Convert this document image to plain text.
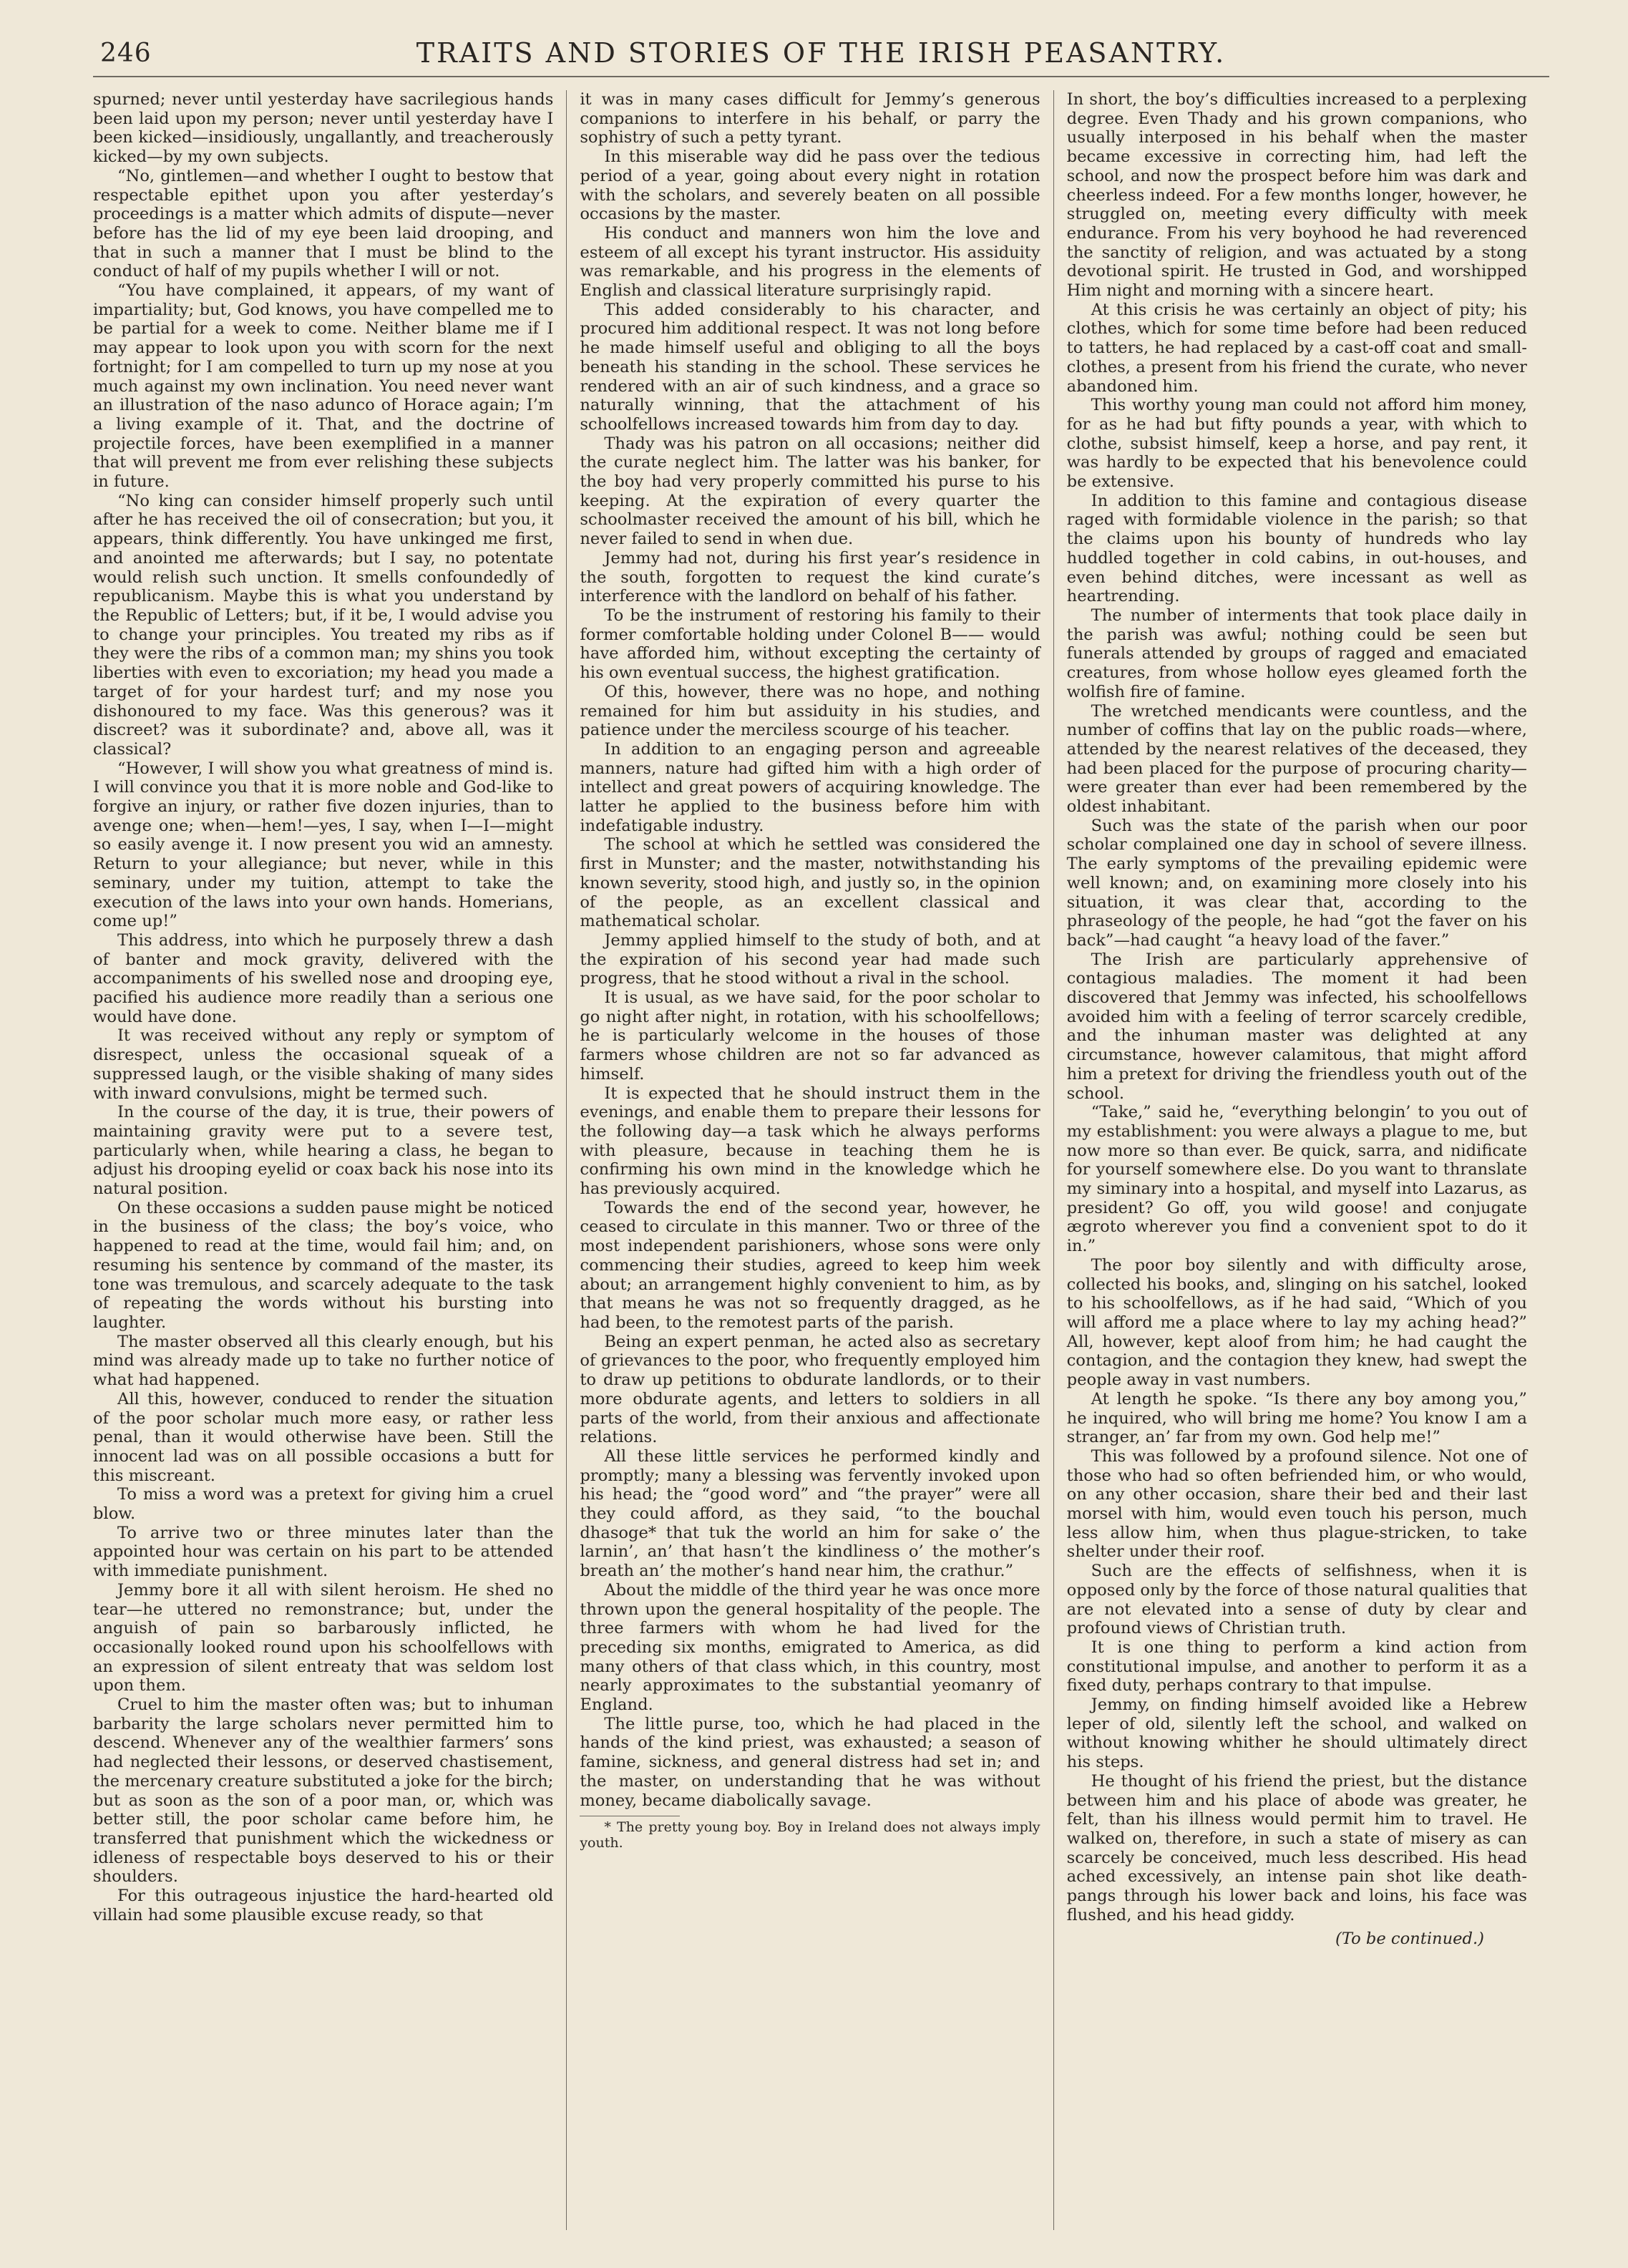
246	TRAITS AND STORIES OF THE IRISH PEASANTRY.

spurned; never until yesterday have sacrilegious hands been laid upon my person; never until yesterday have I been kicked—insidiously, ungallantly, and treacherously kicked—by my own subjects.

“No, gintlemen—and whether I ought to bestow that respectable epithet upon you after yesterday’s proceedings is a matter which admits of dispute—never before has the lid of my eye been laid drooping, and that in such a manner that I must be blind to the conduct of half of my pupils whether I will or not.

“You have complained, it appears, of my want of impartiality; but, God knows, you have compelled me to be partial for a week to come. Neither blame me if I may appear to look upon you with scorn for the next fortnight; for I am compelled to turn up my nose at you much against my own inclination. You need never want an illustration of the naso adunco of Horace again; I’m a living example of it. That, and the doctrine of projectile forces, have been exemplified in a manner that will prevent me from ever relishing these subjects in future.

“No king can consider himself properly such until after he has received the oil of consecration; but you, it appears, think differently. You have unkinged me first, and anointed me afterwards; but I say, no potentate would relish such unction. It smells confoundedly of republicanism. Maybe this is what you understand by the Republic of Letters; but, if it be, I would advise you to change your principles. You treated my ribs as if they were the ribs of a common man; my shins you took liberties with even to excoriation; my head you made a target of for your hardest turf; and my nose you dishonoured to my face. Was this generous? was it discreet? was it subordinate? and, above all, was it classical?

“However, I will show you what greatness of mind is. I will convince you that it is more noble and God-like to forgive an injury, or rather five dozen injuries, than to avenge one; when—hem!—yes, I say, when I—I—might so easily avenge it. I now present you wid an amnesty. Return to your allegiance; but never, while in this seminary, under my tuition, attempt to take the execution of the laws into your own hands. Homerians, come up!”

This address, into which he purposely threw a dash of banter and mock gravity, delivered with the accompaniments of his swelled nose and drooping eye, pacified his audience more readily than a serious one would have done.

It was received without any reply or symptom of disrespect, unless the occasional squeak of a suppressed laugh, or the visible shaking of many sides with inward convulsions, might be termed such.

In the course of the day, it is true, their powers of maintaining gravity were put to a severe test, particularly when, while hearing a class, he began to adjust his drooping eyelid or coax back his nose into its natural position.

On these occasions a sudden pause might be noticed in the business of the class; the boy’s voice, who happened to read at the time, would fail him; and, on resuming his sentence by command of the master, its tone was tremulous, and scarcely adequate to the task of repeating the words without his bursting into laughter.

The master observed all this clearly enough, but his mind was already made up to take no further notice of what had happened.

All this, however, conduced to render the situation of the poor scholar much more easy, or rather less penal, than it would otherwise have been. Still the innocent lad was on all possible occasions a butt for this miscreant.

To miss a word was a pretext for giving him a cruel blow.

To arrive two or three minutes later than the appointed hour was certain on his part to be attended with immediate punishment.

Jemmy bore it all with silent heroism. He shed no tear—he uttered no remonstrance; but, under the anguish of pain so barbarously inflicted, he occasionally looked round upon his schoolfellows with an expression of silent entreaty that was seldom lost upon them.

Cruel to him the master often was; but to inhuman barbarity the large scholars never permitted him to descend. Whenever any of the wealthier farmers’ sons had neglected their lessons, or deserved chastisement, the mercenary creature substituted a joke for the birch; but as soon as the son of a poor man, or, which was better still, the poor scholar came before him, he transferred that punishment which the wickedness or idleness of respectable boys deserved to his or their shoulders.

For this outrageous injustice the hard-hearted old villain had some plausible excuse ready, so that

it was in many cases difficult for Jemmy’s generous companions to interfere in his behalf, or parry the sophistry of such a petty tyrant.

In this miserable way did he pass over the tedious period of a year, going about every night in rotation with the scholars, and severely beaten on all possible occasions by the master.

His conduct and manners won him the love and esteem of all except his tyrant instructor. His assiduity was remarkable, and his progress in the elements of English and classical literature surprisingly rapid.

This added considerably to his character, and procured him additional respect. It was not long before he made himself useful and obliging to all the boys beneath his standing in the school. These services he rendered with an air of such kindness, and a grace so naturally winning, that the attachment of his schoolfellows increased towards him from day to day.

Thady was his patron on all occasions; neither did the curate neglect him. The latter was his banker, for the boy had very properly committed his purse to his keeping. At the expiration of every quarter the schoolmaster received the amount of his bill, which he never failed to send in when due.

Jemmy had not, during his first year’s residence in the south, forgotten to request the kind curate’s interference with the landlord on behalf of his father.

To be the instrument of restoring his family to their former comfortable holding under Colonel B—— would have afforded him, without excepting the certainty of his own eventual success, the highest gratification.

Of this, however, there was no hope, and nothing remained for him but assiduity in his studies, and patience under the merciless scourge of his teacher.

In addition to an engaging person and agreeable manners, nature had gifted him with a high order of intellect and great powers of acquiring knowledge. The latter he applied to the business before him with indefatigable industry.

The school at which he settled was considered the first in Munster; and the master, notwithstanding his known severity, stood high, and justly so, in the opinion of the people, as an excellent classical and mathematical scholar.

Jemmy applied himself to the study of both, and at the expiration of his second year had made such progress, that he stood without a rival in the school.

It is usual, as we have said, for the poor scholar to go night after night, in rotation, with his schoolfellows; he is particularly welcome in the houses of those farmers whose children are not so far advanced as himself.

It is expected that he should instruct them in the evenings, and enable them to prepare their lessons for the following day—a task which he always performs with pleasure, because in teaching them he is confirming his own mind in the knowledge which he has previously acquired.

Towards the end of the second year, however, he ceased to circulate in this manner. Two or three of the most independent parishioners, whose sons were only commencing their studies, agreed to keep him week about; an arrangement highly convenient to him, as by that means he was not so frequently dragged, as he had been, to the remotest parts of the parish.

Being an expert penman, he acted also as secretary of grievances to the poor, who frequently employed him to draw up petitions to obdurate landlords, or to their more obdurate agents, and letters to soldiers in all parts of the world, from their anxious and affectionate relations.

All these little services he performed kindly and promptly; many a blessing was fervently invoked upon his head; the “good word” and “the prayer” were all they could afford, as they said, “to the bouchal dhasoge* that tuk the world an him for sake o’ the larnin’, an’ that hasn’t the kindliness o’ the mother’s breath an’ the mother’s hand near him, the crathur.”

About the middle of the third year he was once more thrown upon the general hospitality of the people. The three farmers with whom he had lived for the preceding six months, emigrated to America, as did many others of that class which, in this country, most nearly approximates to the substantial yeomanry of England.

The little purse, too, which he had placed in the hands of the kind priest, was exhausted; a season of famine, sickness, and general distress had set in; and the master, on understanding that he was without money, became diabolically savage.

* The pretty young boy. Boy in Ireland does not always imply youth.

In short, the boy’s difficulties increased to a perplexing degree. Even Thady and his grown companions, who usually interposed in his behalf when the master became excessive in correcting him, had left the school, and now the prospect before him was dark and cheerless indeed. For a few months longer, however, he struggled on, meeting every difficulty with meek endurance. From his very boyhood he had reverenced the sanctity of religion, and was actuated by a stong devotional spirit. He trusted in God, and worshipped Him night and morning with a sincere heart.

At this crisis he was certainly an object of pity; his clothes, which for some time before had been reduced to tatters, he had replaced by a cast-off coat and small-clothes, a present from his friend the curate, who never abandoned him.

This worthy young man could not afford him money, for as he had but fifty pounds a year, with which to clothe, subsist himself, keep a horse, and pay rent, it was hardly to be expected that his benevolence could be extensive.

In addition to this famine and contagious disease raged with formidable violence in the parish; so that the claims upon his bounty of hundreds who lay huddled together in cold cabins, in out-houses, and even behind ditches, were incessant as well as heartrending.

The number of interments that took place daily in the parish was awful; nothing could be seen but funerals attended by groups of ragged and emaciated creatures, from whose hollow eyes gleamed forth the wolfish fire of famine.

The wretched mendicants were countless, and the number of coffins that lay on the public roads—where, attended by the nearest relatives of the deceased, they had been placed for the purpose of procuring charity—were greater than ever had been remembered by the oldest inhabitant.

Such was the state of the parish when our poor scholar complained one day in school of severe illness. The early symptoms of the prevailing epidemic were well known; and, on examining more closely into his situation, it was clear that, according to the phraseology of the people, he had “got the faver on his back”—had caught “a heavy load of the faver.”

The Irish are particularly apprehensive of contagious maladies. The moment it had been discovered that Jemmy was infected, his schoolfellows avoided him with a feeling of terror scarcely credible, and the inhuman master was delighted at any circumstance, however calamitous, that might afford him a pretext for driving the friendless youth out of the school.

“Take,” said he, “everything belongin’ to you out of my establishment: you were always a plague to me, but now more so than ever. Be quick, sarra, and nidificate for yourself somewhere else. Do you want to thranslate my siminary into a hospital, and myself into Lazarus, as president? Go off, you wild goose! and conjugate ægroto wherever you find a convenient spot to do it in.”

The poor boy silently and with difficulty arose, collected his books, and, slinging on his satchel, looked to his schoolfellows, as if he had said, “Which of you will afford me a place where to lay my aching head?” All, however, kept aloof from him; he had caught the contagion, and the contagion they knew, had swept the people away in vast numbers.

At length he spoke. “Is there any boy among you,” he inquired, who will bring me home? You know I am a stranger, an’ far from my own. God help me!”

This was followed by a profound silence. Not one of those who had so often befriended him, or who would, on any other occasion, share their bed and their last morsel with him, would even touch his person, much less allow him, when thus plague-stricken, to take shelter under their roof.

Such are the effects of selfishness, when it is opposed only by the force of those natural qualities that are not elevated into a sense of duty by clear and profound views of Christian truth.

It is one thing to perform a kind action from constitutional impulse, and another to perform it as a fixed duty, perhaps contrary to that impulse.

Jemmy, on finding himself avoided like a Hebrew leper of old, silently left the school, and walked on without knowing whither he should ultimately direct his steps.

He thought of his friend the priest, but the distance between him and his place of abode was greater, he felt, than his illness would permit him to travel. He walked on, therefore, in such a state of misery as can scarcely be conceived, much less described. His head ached excessively, an intense pain shot like death-pangs through his lower back and loins, his face was flushed, and his head giddy.

(To be continued.)
